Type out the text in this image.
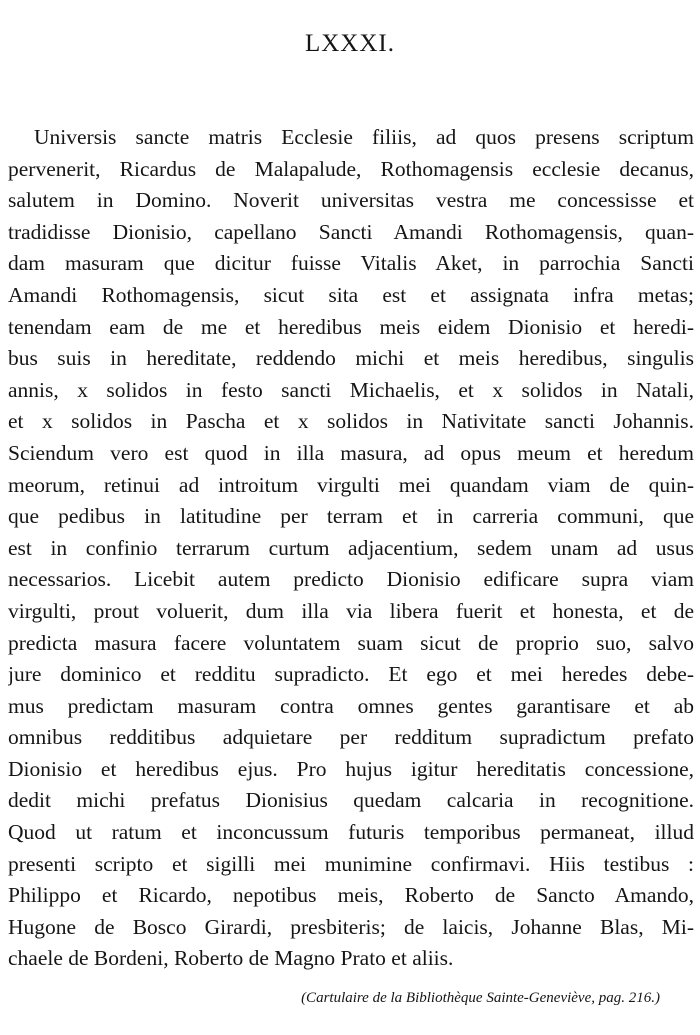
LXXXI.
Universis sancte matris Ecclesie filiis, ad quos presens scriptum
pervenerit, Ricardus de Malapalude, Rothomagensis ecclesie decanus,
salutem in Domino. Noverit universitas vestra me concessisse et
tradidisse Dionisio, capellano Sancti Amandi Rothomagensis, quan-
dam masuram que dicitur fuisse Vitalis Aket, in parrochia Sancti
Amandi Rothomagensis, sicut sita est et assignata infra metas;
tenendam eam de me et heredibus meis eidem Dionisio et heredi-
bus suis in hereditate, reddendo michi et meis heredibus, singulis
annis, x solidos in festo sancti Michaelis, et x solidos in Natali,
et x solidos in Pascha et x solidos in Nativitate sancti Johannis.
Sciendum vero est quod in illa masura, ad opus meum et heredum
meorum, retinui ad introitum virgulti mei quandam viam de quin-
que pedibus in latitudine per terram et in carreria communi, que
est in confinio terrarum curtum adjacentium, sedem unam ad usus
necessarios. Licebit autem predicto Dionisio edificare supra viam
virgulti, prout voluerit, dum illa via libera fuerit et honesta, et de
predicta masura facere voluntatem suam sicut de proprio suo, salvo
jure dominico et redditu supradicto. Et ego et mei heredes debe-
mus predictam masuram contra omnes gentes garantisare et ab
omnibus redditibus adquietare per redditum supradictum prefato
Dionisio et heredibus ejus. Pro hujus igitur hereditatis concessione,
dedit michi prefatus Dionisius quedam calcaria in recognitione.
Quod ut ratum et inconcussum futuris temporibus permaneat, illud
presenti scripto et sigilli mei munimine confirmavi. Hiis testibus :
Philippo et Ricardo, nepotibus meis, Roberto de Sancto Amando,
Hugone de Bosco Girardi, presbiteris; de laicis, Johanne Blas, Mi-
chaele de Bordeni, Roberto de Magno Prato et aliis.
(Cartulaire de la Bibliothèque Sainte-Geneviève, pag. 216.)
